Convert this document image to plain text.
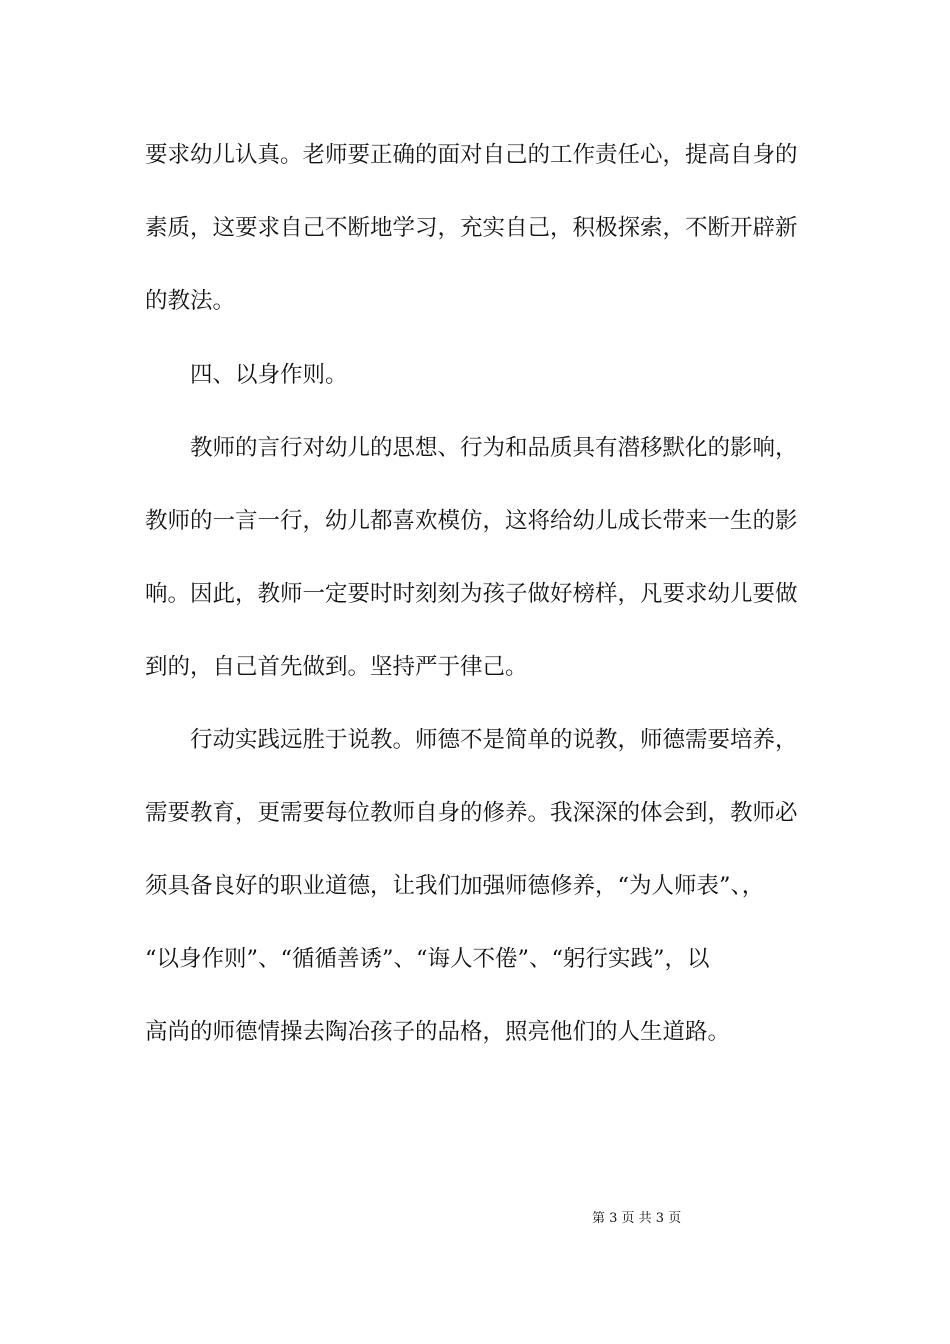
要求幼儿认真。老师要正确的面对自己的工作责任心，提高自身的
素质，这要求自己不断地学习，充实自己，积极探索，不断开辟新
的教法。
四、以身作则。
教师的言行对幼儿的思想、行为和品质具有潜移默化的影响，
教师的一言一行，幼儿都喜欢模仿，这将给幼儿成长带来一生的影
响。因此，教师一定要时时刻刻为孩子做好榜样，凡要求幼儿要做
到的，自己首先做到。坚持严于律己。
行动实践远胜于说教。师德不是简单的说教，师德需要培养，
需要教育，更需要每位教师自身的修养。我深深的体会到，教师必
须具备良好的职业道德，让我们加强师德修养，“为人师表”、，
“以身作则”、“循循善诱”、“诲人不倦”、“躬行实践”，以
高尚的师德情操去陶冶孩子的品格，照亮他们的人生道路。
第 3 页 共 3 页
